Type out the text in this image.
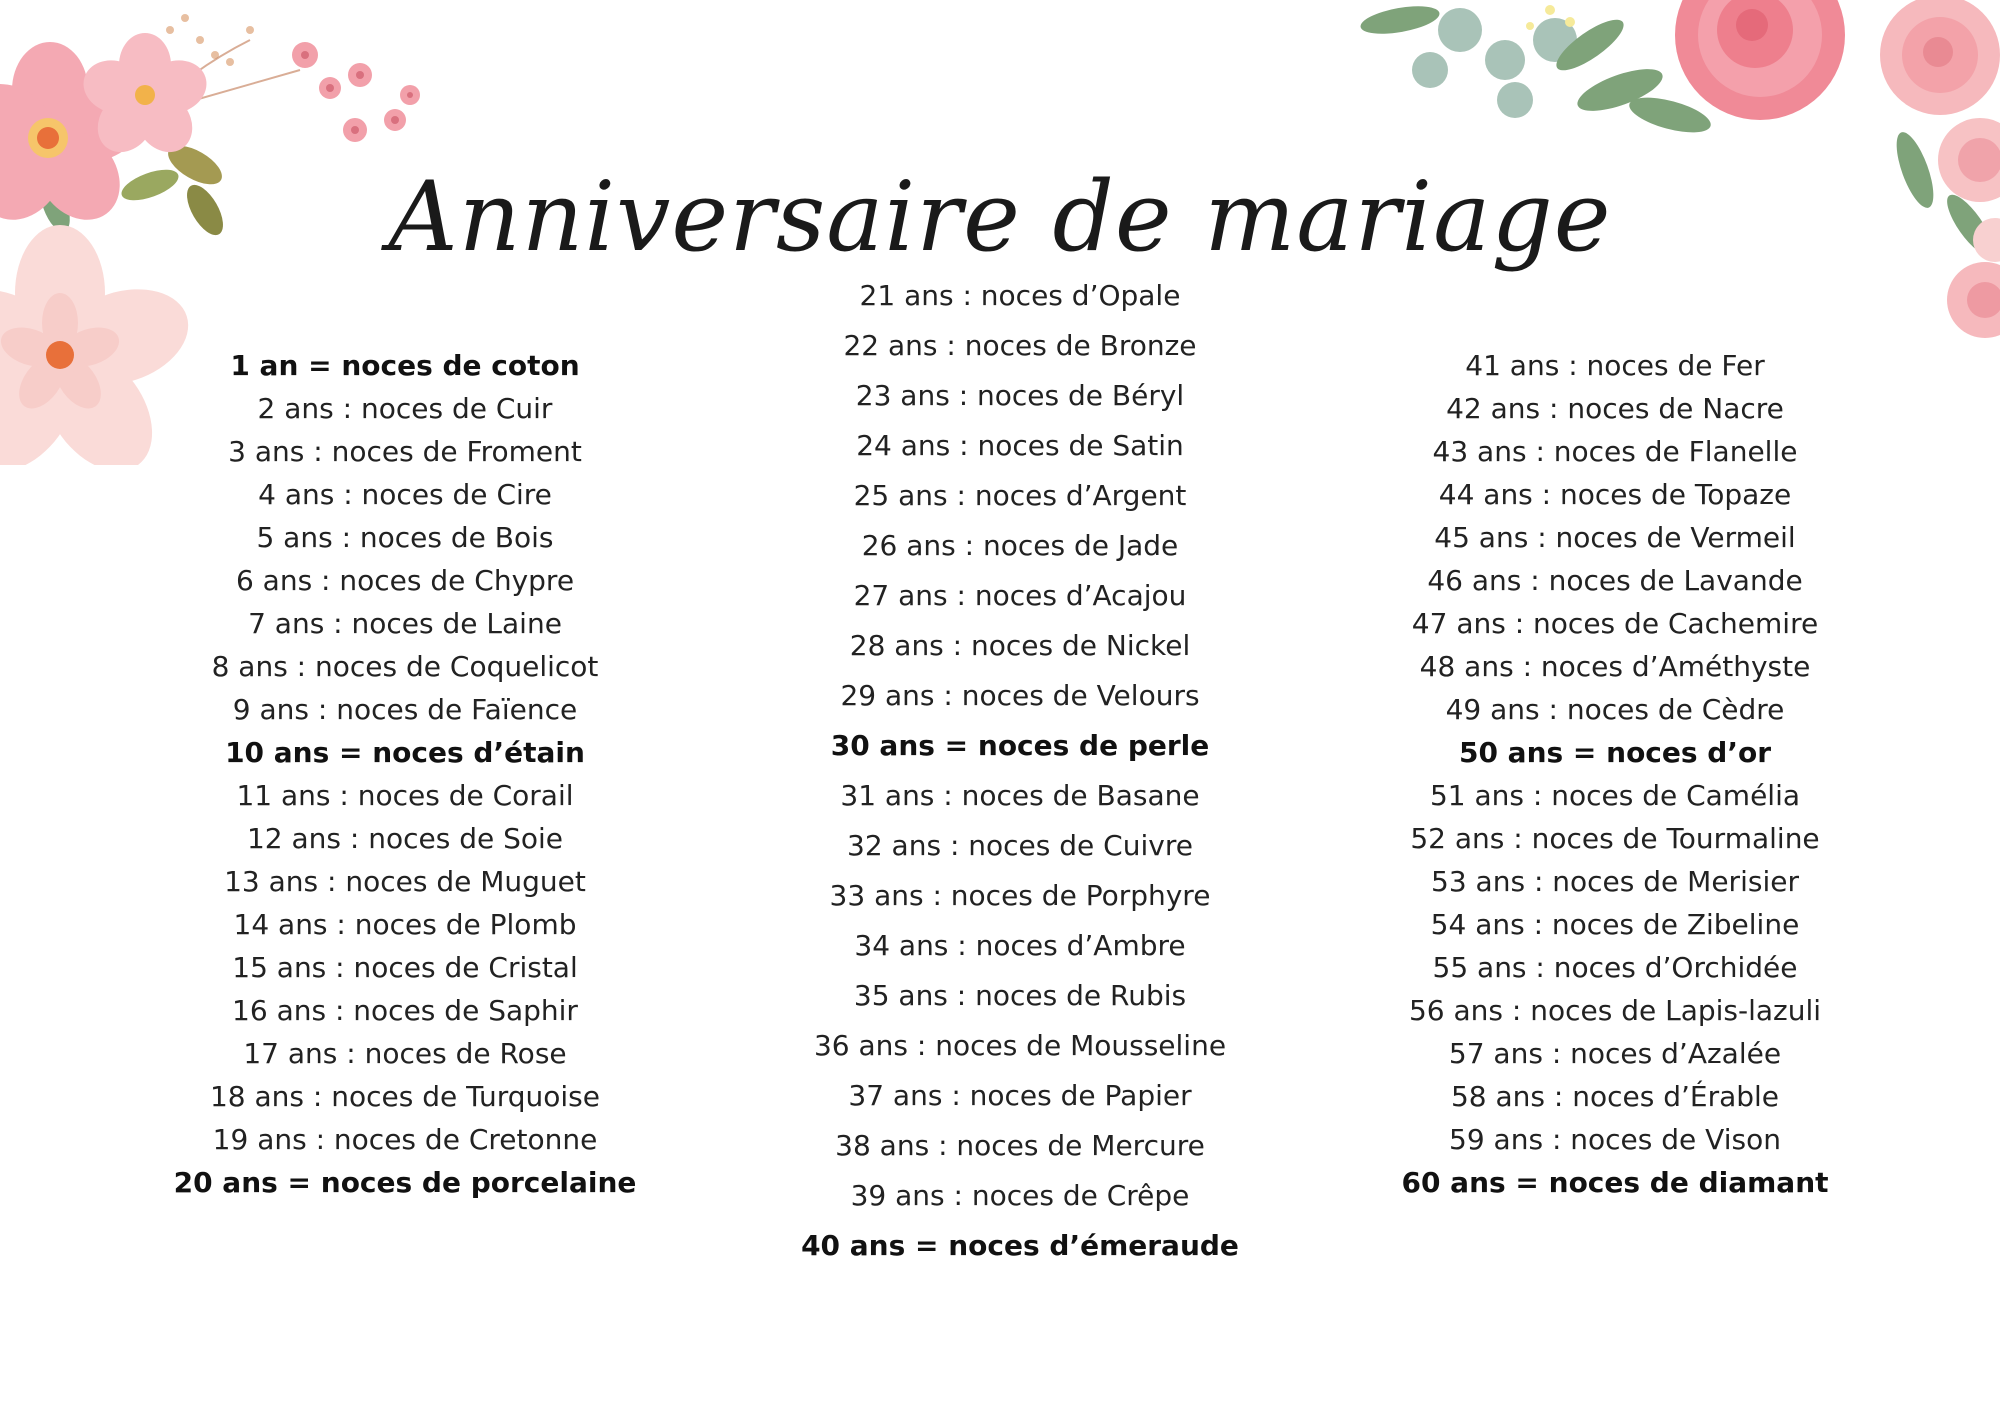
Anniversaire de mariage
1 an = noces de coton
2 ans : noces de Cuir
3 ans : noces de Froment
4 ans : noces de Cire
5 ans : noces de Bois
6 ans : noces de Chypre
7 ans : noces de Laine
8 ans : noces de Coquelicot
9 ans : noces de Faïence
10 ans = noces d’étain
11 ans : noces de Corail
12 ans : noces de Soie
13 ans : noces de Muguet
14 ans : noces de Plomb
15 ans : noces de Cristal
16 ans : noces de Saphir
17 ans : noces de Rose
18 ans : noces de Turquoise
19 ans : noces de Cretonne
20 ans = noces de porcelaine
21 ans : noces d’Opale
22 ans : noces de Bronze
23 ans : noces de Béryl
24 ans : noces de Satin
25 ans : noces d’Argent
26 ans : noces de Jade
27 ans : noces d’Acajou
28 ans : noces de Nickel
29 ans : noces de Velours
30 ans = noces de perle
31 ans : noces de Basane
32 ans : noces de Cuivre
33 ans : noces de Porphyre
34 ans : noces d’Ambre
35 ans : noces de Rubis
36 ans : noces de Mousseline
37 ans : noces de Papier
38 ans : noces de Mercure
39 ans : noces de Crêpe
40 ans = noces d’émeraude
41 ans : noces de Fer
42 ans : noces de Nacre
43 ans : noces de Flanelle
44 ans : noces de Topaze
45 ans : noces de Vermeil
46 ans : noces de Lavande
47 ans : noces de Cachemire
48 ans : noces d’Améthyste
49 ans : noces de Cèdre
50 ans = noces d’or
51 ans : noces de Camélia
52 ans : noces de Tourmaline
53 ans : noces de Merisier
54 ans : noces de Zibeline
55 ans : noces d’Orchidée
56 ans : noces de Lapis-lazuli
57 ans : noces d’Azalée
58 ans : noces d’Érable
59 ans : noces de Vison
60 ans = noces de diamant
